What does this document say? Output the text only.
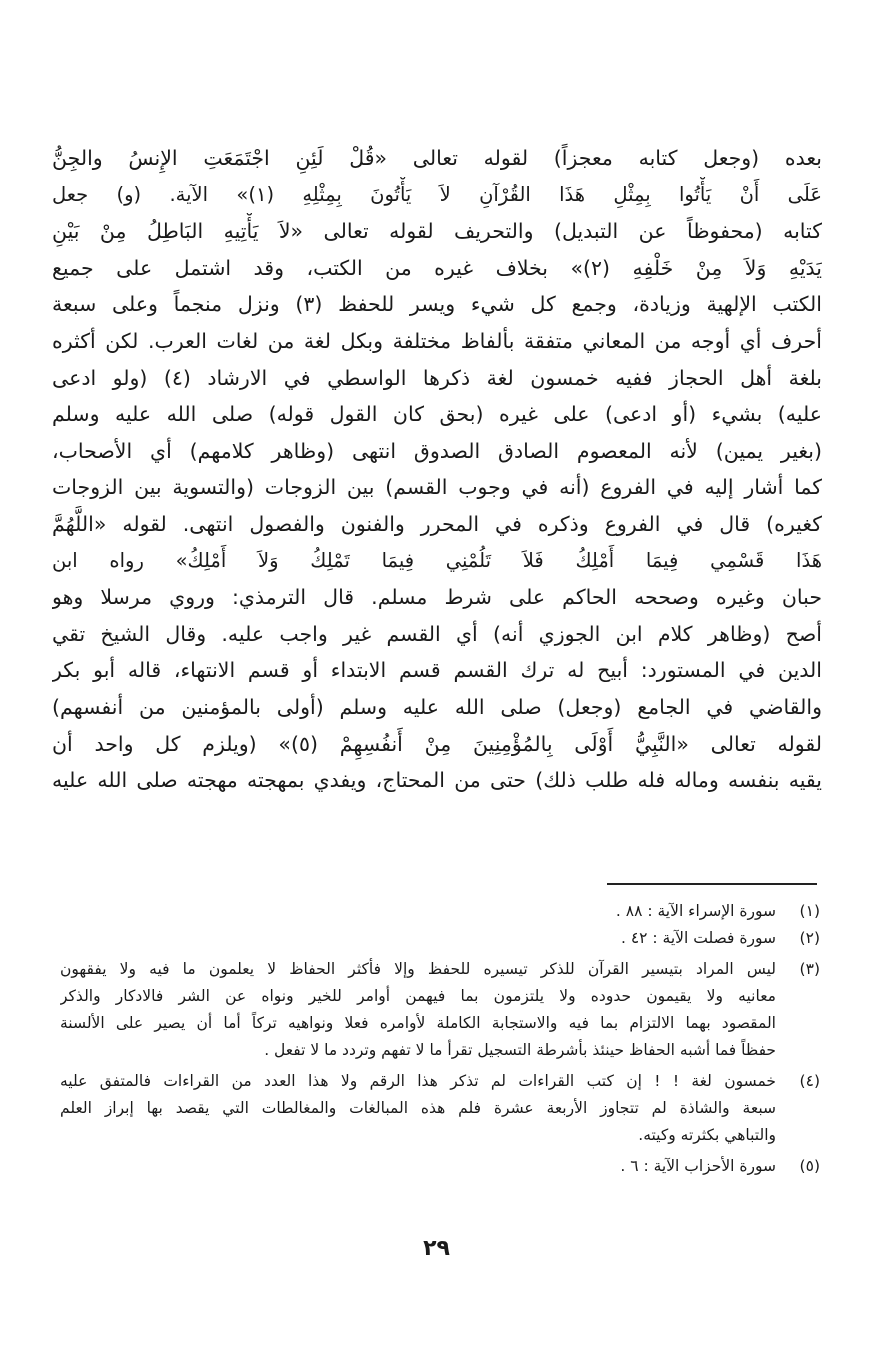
بعده (وجعل كتابه معجزاً) لقوله تعالى «قُلْ لَئِنِ اجْتَمَعَتِ الإِنسُ والجِنُّ
عَلَى أَنْ يَأْتُوا بِمِثْلِ هَذَا القُرْآنِ لاَ يَأْتُونَ بِمِثْلِهِ (١)» الآية. (و) جعل
كتابه (محفوظاً عن التبديل) والتحريف لقوله تعالى «لاَ يَأْتِيهِ البَاطِلُ مِنْ بَيْنِ
يَدَيْهِ وَلاَ مِنْ خَلْفِهِ (٢)» بخلاف غيره من الكتب، وقد اشتمل على جميع
الكتب الإلهية وزيادة، وجمع كل شيء ويسر للحفظ (٣) ونزل منجماً وعلى سبعة
أحرف أي أوجه من المعاني متفقة بألفاظ مختلفة وبكل لغة من لغات العرب. لكن أكثره
بلغة أهل الحجاز ففيه خمسون لغة ذكرها الواسطي في الارشاد (٤) (ولو ادعى
عليه) بشيء (أو ادعى) على غيره (بحق كان القول قوله) صلى الله عليه وسلم
(بغير يمين) لأنه المعصوم الصادق الصدوق انتهى (وظاهر كلامهم) أي الأصحاب،
كما أشار إليه في الفروع (أنه في وجوب القسم) بين الزوجات (والتسوية بين الزوجات
كغيره) قال في الفروع وذكره في المحرر والفنون والفصول انتهى. لقوله «اللَّهُمَّ
هَذَا قَسْمِي فِيمَا أَمْلِكُ فَلاَ تَلُمْنِي فِيمَا تَمْلِكُ وَلاَ أَمْلِكُ» رواه ابن
حبان وغيره وصححه الحاكم على شرط مسلم. قال الترمذي: وروي مرسلا وهو
أصح (وظاهر كلام ابن الجوزي أنه) أي القسم غير واجب عليه. وقال الشيخ تقي
الدين في المستورد: أبيح له ترك القسم قسم الابتداء أو قسم الانتهاء، قاله أبو بكر
والقاضي في الجامع (وجعل) صلى الله عليه وسلم (أولى بالمؤمنين من أنفسهم)
لقوله تعالى «النَّبِيُّ أَوْلَى بِالمُؤْمِنِينَ مِنْ أَنفُسِهِمْ (٥)» (ويلزم كل واحد أن
يقيه بنفسه وماله فله طلب ذلك) حتى من المحتاج، ويفدي بمهجته مهجته صلى الله عليه
(١)
سورة الإسراء الآية : ٨٨ .
(٢)
سورة فصلت الآية : ٤٢ .
(٣)
ليس المراد بتيسير القرآن للذكر تيسيره للحفظ وإلا فأكثر الحفاظ لا يعلمون ما فيه ولا يفقهون
معانيه ولا يقيمون حدوده ولا يلتزمون بما فيهمن أوامر للخير ونواه عن الشر فالادكار والذكر
المقصود بهما الالتزام بما فيه والاستجابة الكاملة لأوامره فعلا ونواهيه تركاً أما أن يصير على الألسنة
حفظاً فما أشبه الحفاظ حينئذ بأشرطة التسجيل تقرأ ما لا تفهم وتردد ما لا تفعل .
(٤)
خمسون لغة ! ! إن كتب القراءات لم تذكر هذا الرقم ولا هذا العدد من القراءات فالمتفق عليه
سبعة والشاذة لم تتجاوز الأربعة عشرة فلم هذه المبالغات والمغالطات التي يقصد بها إبراز العلم
والتباهي بكثرته وكيته.
(٥)
سورة الأحزاب الآية : ٦ .
٢٩
